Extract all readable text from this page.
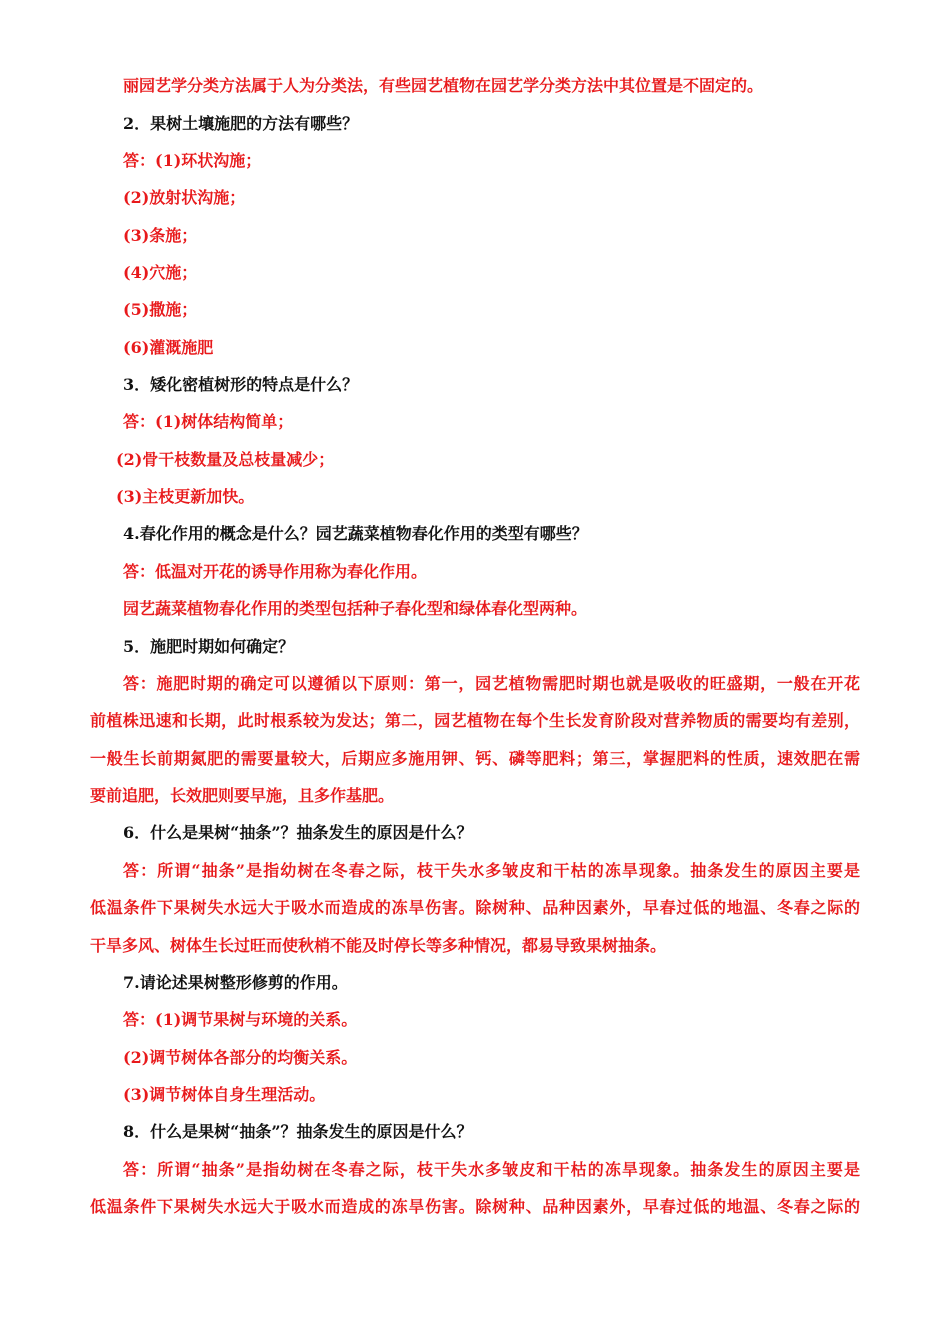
丽园艺学分类方法属于人为分类法，有些园艺植物在园艺学分类方法中其位置是不固定的。
2．果树土壤施肥的方法有哪些？
答：(1)环状沟施；
(2)放射状沟施；
(3)条施；
(4)穴施；
(5)撒施；
(6)灌溉施肥
3．矮化密植树形的特点是什么？
答：(1)树体结构简单；
(2)骨干枝数量及总枝量减少；
(3)主枝更新加快。
4.春化作用的概念是什么？园艺蔬菜植物春化作用的类型有哪些？
答：低温对开花的诱导作用称为春化作用。
园艺蔬菜植物春化作用的类型包括种子春化型和绿体春化型两种。
5．施肥时期如何确定？
答：施肥时期的确定可以遵循以下原则：第一，园艺植物需肥时期也就是吸收的旺盛期，一般在开花
前植株迅速和长期，此时根系较为发达；第二，园艺植物在每个生长发育阶段对营养物质的需要均有差别，
一般生长前期氮肥的需要量较大，后期应多施用钾、钙、磷等肥料；第三，掌握肥料的性质，速效肥在需
要前追肥，长效肥则要早施，且多作基肥。
6．什么是果树“抽条”？抽条发生的原因是什么？
答：所谓“抽条”是指幼树在冬春之际，枝干失水多皱皮和干枯的冻旱现象。抽条发生的原因主要是
低温条件下果树失水远大于吸水而造成的冻旱伤害。除树种、品种因素外，早春过低的地温、冬春之际的
干旱多风、树体生长过旺而使秋梢不能及时停长等多种情况，都易导致果树抽条。
7.请论述果树整形修剪的作用。
答：(1)调节果树与环境的关系。
(2)调节树体各部分的均衡关系。
(3)调节树体自身生理活动。
8．什么是果树“抽条”？抽条发生的原因是什么？
答：所谓“抽条”是指幼树在冬春之际，枝干失水多皱皮和干枯的冻旱现象。抽条发生的原因主要是
低温条件下果树失水远大于吸水而造成的冻旱伤害。除树种、品种因素外，早春过低的地温、冬春之际的
